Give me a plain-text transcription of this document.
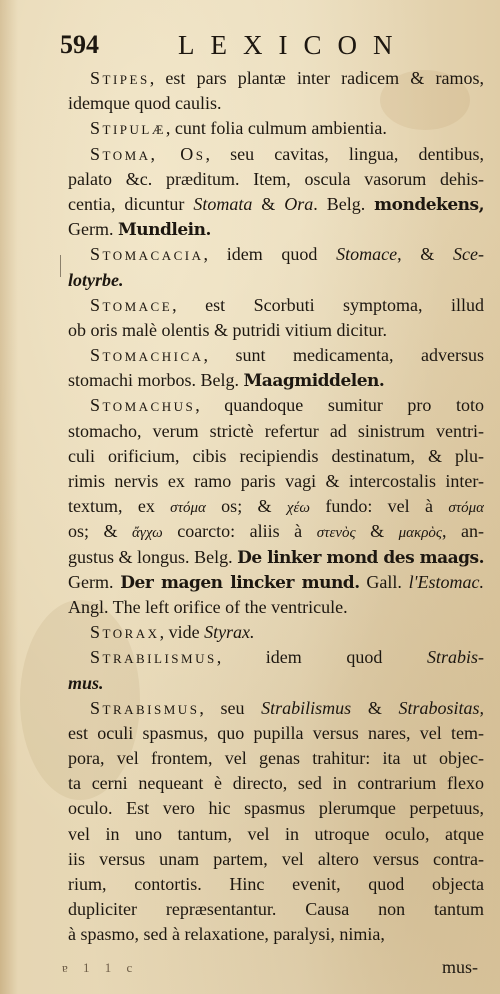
594	LEXICON
Stipes, est pars plantæ inter radicem & ramos,
idemque quod caulis.
Stipulæ, cunt folia culmum ambientia.
Stoma, Os, seu cavitas, lingua, dentibus,
palato &c. præditum. Item, oscula vasorum dehis-
centia, dicuntur Stomata & Ora. Belg. mondekens,
Germ. Mundlein.
Stomacacia, idem quod Stomace, & Sce-
lotyrbe.
Stomace, est Scorbuti symptoma, illud
ob oris malè olentis & putridi vitium dicitur.
Stomachica, sunt medicamenta, adversus
stomachi morbos. Belg. Maagmiddelen.
Stomachus, quandoque sumitur pro toto
stomacho, verum strictè refertur ad sinistrum ventri-
culi orificium, cibis recipiendis destinatum, & plu-
rimis nervis ex ramo paris vagi & intercostalis inter-
textum, ex στόμα os; & χέω fundo: vel à στόμα
os; & ἄγχω coarcto: aliis à στενὸς & μακρὸς, an-
gustus & longus. Belg. De linker mond des maags.
Germ. Der magen lincker mund. Gall. l'Estomac.
Angl. The left orifice of the ventricule.
Storax, vide Styrax.
Strabilismus, idem quod Strabis-
mus.
Strabismus, seu Strabilismus & Strabositas,
est oculi spasmus, quo pupilla versus nares, vel tem-
pora, vel frontem, vel genas trahitur: ita ut objec-
ta cerni nequeant è directo, sed in contrarium flexo
oculo. Est vero hic spasmus plerumque perpetuus,
vel in uno tantum, vel in utroque oculo, atque
iis versus unam partem, vel altero versus contra-
rium, contortis. Hinc evenit, quod objecta
dupliciter repræsentantur. Causa non tantum
à spasmo, sed à relaxatione, paralysi, nimia,
ɐ 1 1 c	mus-
